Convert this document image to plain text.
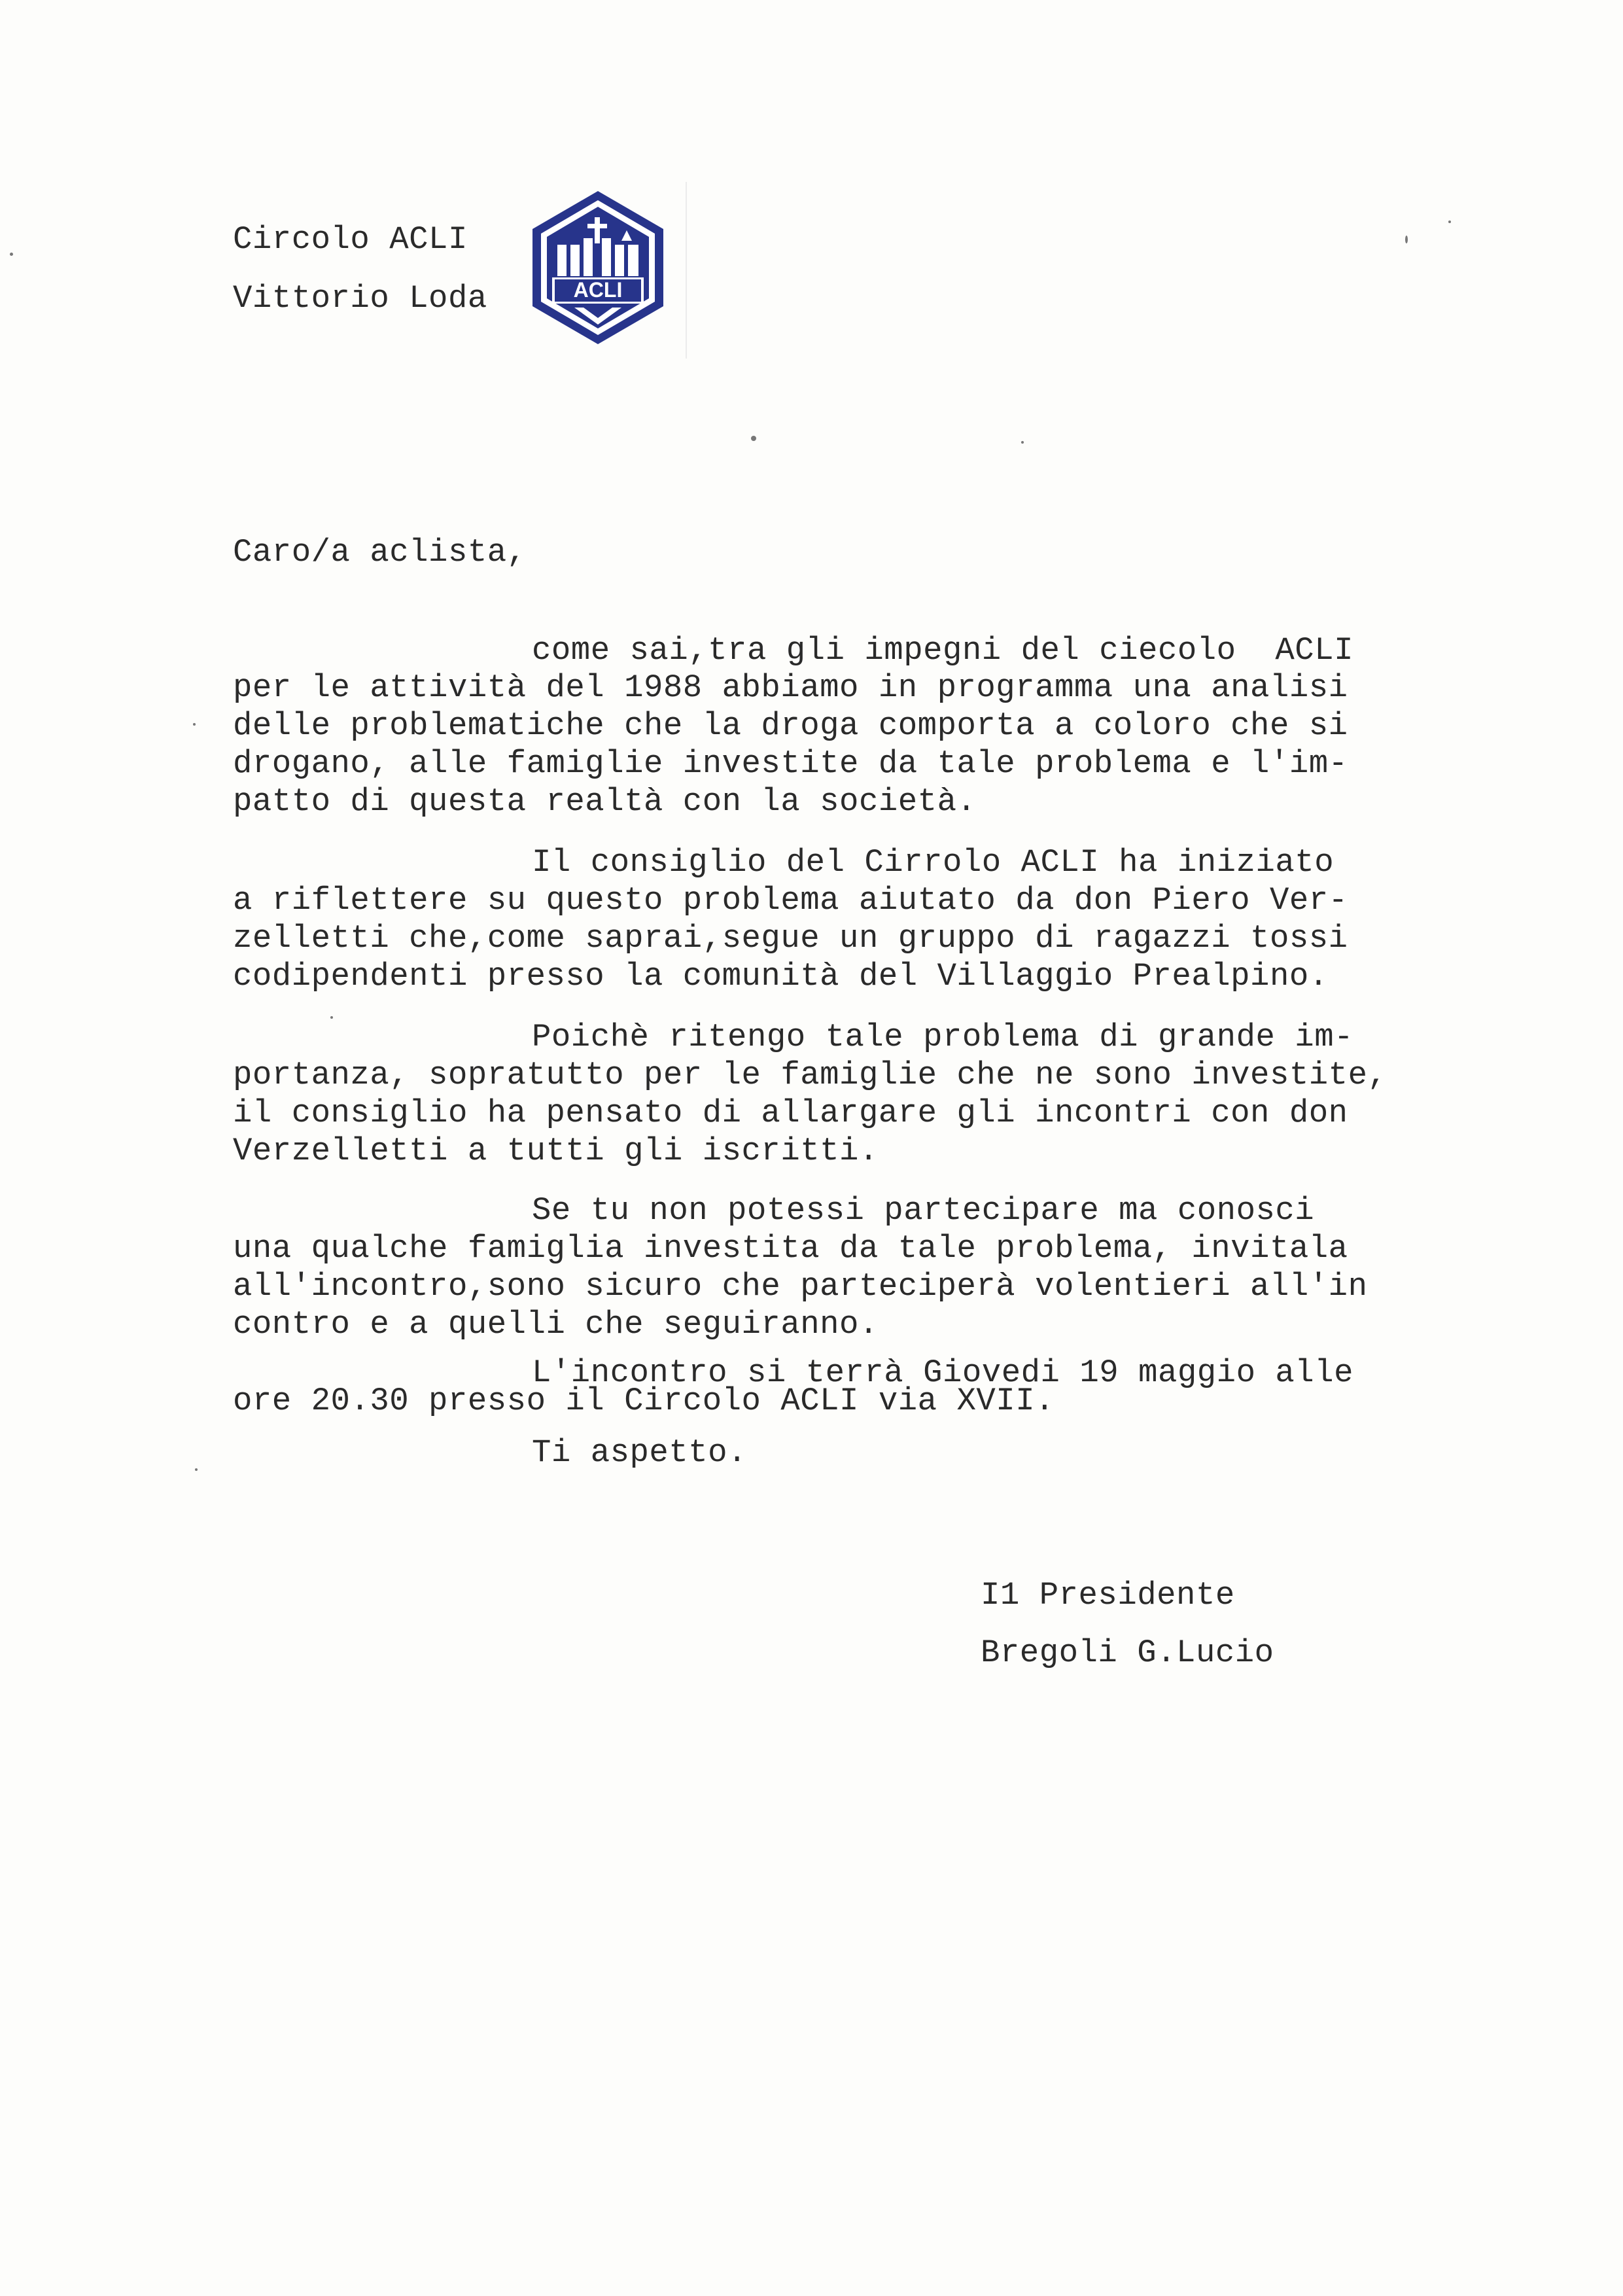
Circolo ACLI
Vittorio Loda	ACLI
Caro/a aclista,
come sai,tra gli impegni del ciecolo  ACLI
per le attività del 1988 abbiamo in programma una analisi
delle problematiche che la droga comporta a coloro che si
drogano, alle famiglie investite da tale problema e l'im-
patto di questa realtà con la società.
Il consiglio del Cirrolo ACLI ha iniziato
a riflettere su questo problema aiutato da don Piero Ver-
zelletti che,come saprai,segue un gruppo di ragazzi tossi
codipendenti presso la comunità del Villaggio Prealpino.
Poichè ritengo tale problema di grande im-
portanza, sopratutto per le famiglie che ne sono investite,
il consiglio ha pensato di allargare gli incontri con don
Verzelletti a tutti gli iscritti.
Se tu non potessi partecipare ma conosci
una qualche famiglia investita da tale problema, invitala
all'incontro,sono sicuro che parteciperà volentieri all'in
contro e a quelli che seguiranno.
L'incontro si terrà Giovedi 19 maggio alle
ore 20.30 presso il Circolo ACLI via XVII.
Ti aspetto.
I1 Presidente
Bregoli G.Lucio
